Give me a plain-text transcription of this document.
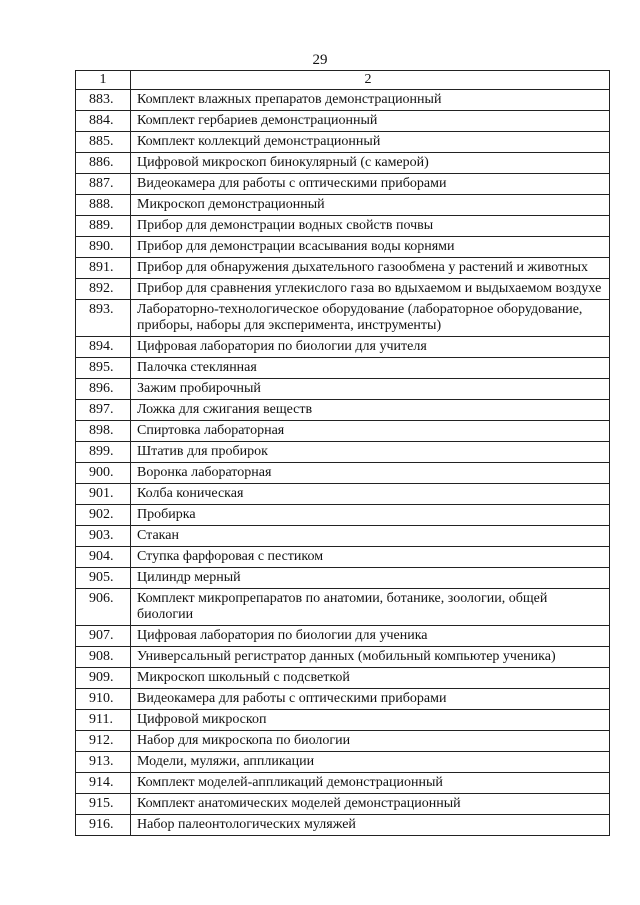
29
1	2
883.	Комплект влажных препаратов демонстрационный
884.	Комплект гербариев демонстрационный
885.	Комплект коллекций демонстрационный
886.	Цифровой микроскоп бинокулярный (с камерой)
887.	Видеокамера для работы с оптическими приборами
888.	Микроскоп демонстрационный
889.	Прибор для демонстрации водных свойств почвы
890.	Прибор для демонстрации всасывания воды корнями
891.	Прибор для обнаружения дыхательного газообмена у растений и животных
892.	Прибор для сравнения углекислого газа во вдыхаемом и выдыхаемом воздухе
893.	Лабораторно-технологическое оборудование (лабораторное оборудование, приборы, наборы для эксперимента, инструменты)
894.	Цифровая лаборатория по биологии для учителя
895.	Палочка стеклянная
896.	Зажим пробирочный
897.	Ложка для сжигания веществ
898.	Спиртовка лабораторная
899.	Штатив для пробирок
900.	Воронка лабораторная
901.	Колба коническая
902.	Пробирка
903.	Стакан
904.	Ступка фарфоровая с пестиком
905.	Цилиндр мерный
906.	Комплект микропрепаратов по анатомии, ботанике, зоологии, общей биологии
907.	Цифровая лаборатория по биологии для ученика
908.	Универсальный регистратор данных (мобильный компьютер ученика)
909.	Микроскоп школьный с подсветкой
910.	Видеокамера для работы с оптическими приборами
911.	Цифровой микроскоп
912.	Набор для микроскопа по биологии
913.	Модели, муляжи, аппликации
914.	Комплект моделей-аппликаций демонстрационный
915.	Комплект анатомических моделей демонстрационный
916.	Набор палеонтологических муляжей
